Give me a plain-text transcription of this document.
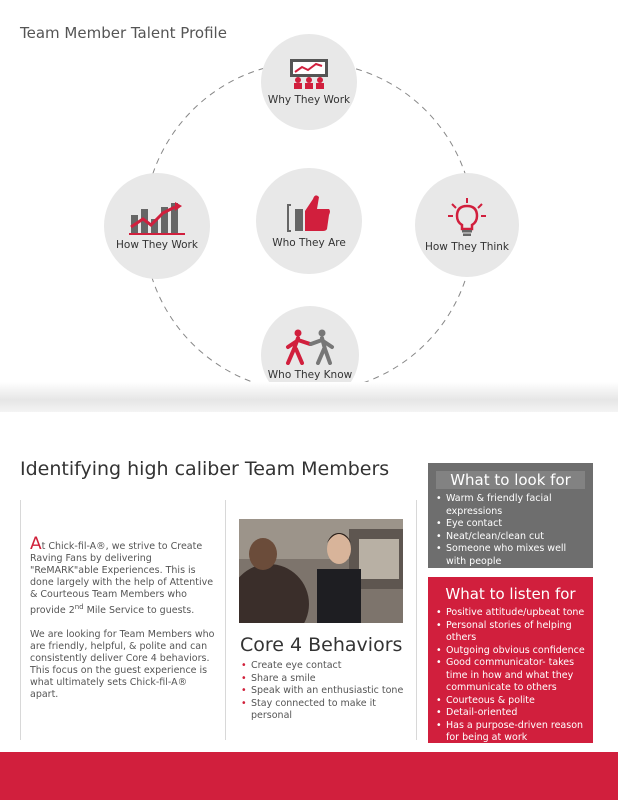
Team Member Talent Profile
Why They Work
How They Work	Who They Are	How They Think
Who They Know
Identifying high caliber Team Members

At Chick-fil-A®, we strive to Create Raving Fans by delivering "ReMARK"able Experiences. This is done largely with the help of Attentive & Courteous Team Members who provide 2nd Mile Service to guests.

We are looking for Team Members who are friendly, helpful, & polite and can consistently deliver Core 4 behaviors. This focus on the guest experience is what ultimately sets Chick-fil-A® apart.

Core 4 Behaviors
• Create eye contact
• Share a smile
• Speak with an enthusiastic tone
• Stay connected to make it personal
What to look for
• Warm & friendly facial expressions
• Eye contact
• Neat/clean/clean cut
• Someone who mixes well with people
What to listen for
• Positive attitude/upbeat tone
• Personal stories of helping others
• Outgoing obvious confidence
• Good communicator- takes time in how and what they communicate to others
• Courteous & polite
• Detail-oriented
• Has a purpose-driven reason for being at work
